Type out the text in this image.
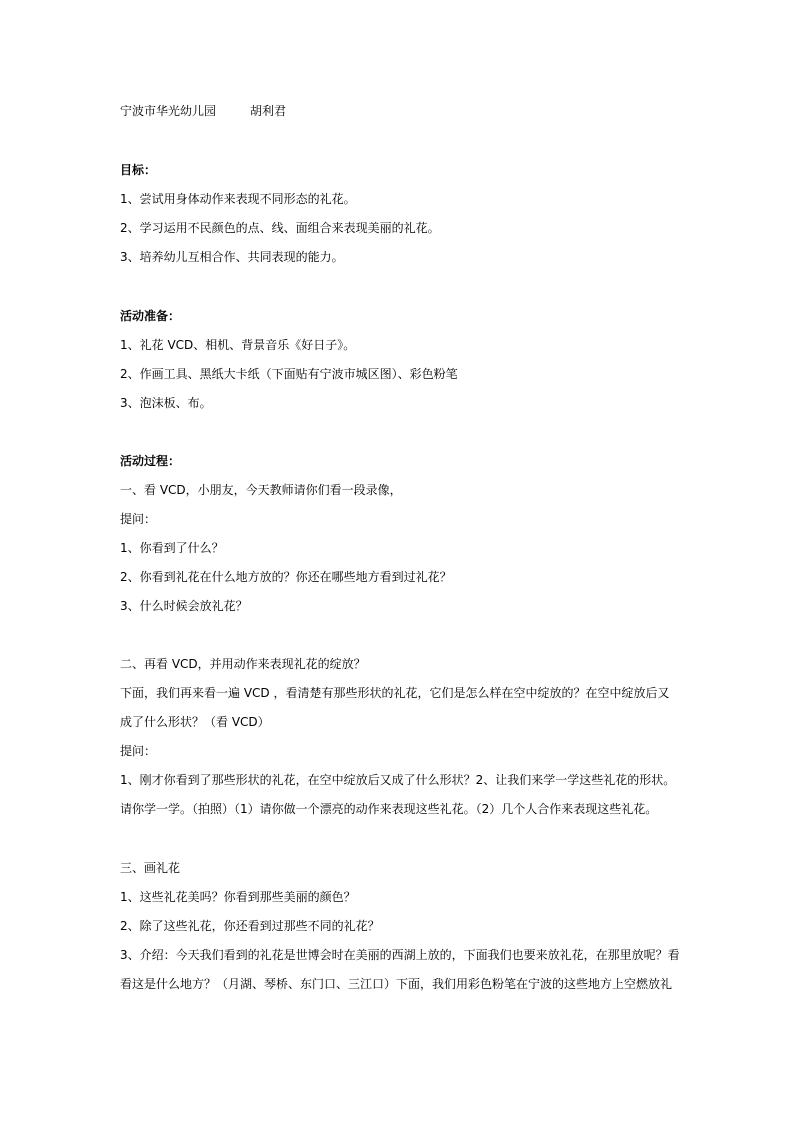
宁波市华光幼儿园	胡利君
目标：
1、尝试用身体动作来表现不同形态的礼花。
2、学习运用不民颜色的点、线、面组合来表现美丽的礼花。
3、培养幼儿互相合作、共同表现的能力。
活动准备：
1、礼花 VCD、相机、背景音乐《好日子》。
2、作画工具、黑纸大卡纸（下面贴有宁波市城区图）、彩色粉笔
3、泡沫板、布。
活动过程：
一、看 VCD，小朋友，今天教师请你们看一段录像，
提问：
1、你看到了什么？
2、你看到礼花在什么地方放的？你还在哪些地方看到过礼花？
3、什么时候会放礼花？
二、再看 VCD，并用动作来表现礼花的绽放？
下面，我们再来看一遍 VCD ，看清楚有那些形状的礼花，它们是怎么样在空中绽放的？在空中绽放后又
成了什么形状？（看 VCD）
提问：
1、刚才你看到了那些形状的礼花，在空中绽放后又成了什么形状？2、让我们来学一学这些礼花的形状。
请你学一学。（拍照）（1）请你做一个漂亮的动作来表现这些礼花。（2）几个人合作来表现这些礼花。
三、画礼花
1、这些礼花美吗？你看到那些美丽的颜色？
2、除了这些礼花，你还看到过那些不同的礼花？
3、介绍：今天我们看到的礼花是世博会时在美丽的西湖上放的，下面我们也要来放礼花，在那里放呢？看
看这是什么地方？（月湖、琴桥、东门口、三江口）下面，我们用彩色粉笔在宁波的这些地方上空燃放礼
